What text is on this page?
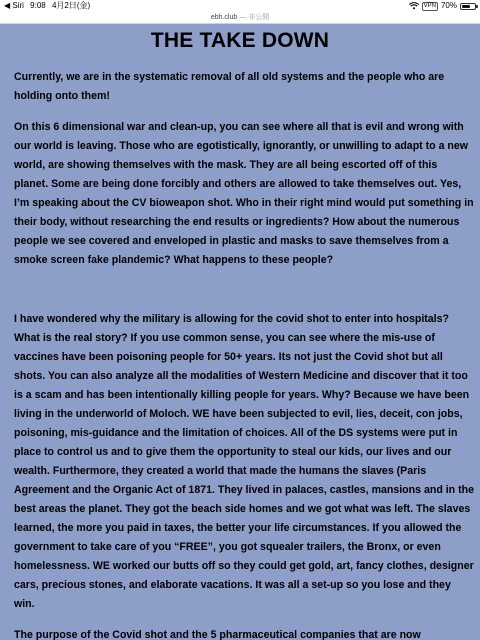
◀ Siri 9:08 4月2日(金)	VPN 70%
ebh.club — 非公開
THE TAKE DOWN

Currently, we are in the systematic removal of all old systems and the people who are holding onto them!

On this 6 dimensional war and clean-up, you can see where all that is evil and wrong with our world is leaving. Those who are egotistically, ignorantly, or unwilling to adapt to a new world, are showing themselves with the mask. They are all being escorted off of this planet. Some are being done forcibly and others are allowed to take themselves out. Yes, I’m speaking about the CV bioweapon shot. Who in their right mind would put something in their body, without researching the end results or ingredients? How about the numerous people we see covered and enveloped in plastic and masks to save themselves from a smoke screen fake plandemic? What happens to these people?

I have wondered why the military is allowing for the covid shot to enter into hospitals? What is the real story? If you use common sense, you can see where the mis-use of vaccines have been poisoning people for 50+ years. Its not just the Covid shot but all shots. You can also analyze all the modalities of Western Medicine and discover that it too is a scam and has been intentionally killing people for years. Why? Because we have been living in the underworld of Moloch. WE have been subjected to evil, lies, deceit, con jobs, poisoning, mis-guidance and the limitation of choices. All of the DS systems were put in place to control us and to give them the opportunity to steal our kids, our lives and our wealth. Furthermore, they created a world that made the humans the slaves (Paris Agreement and the Organic Act of 1871. They lived in palaces, castles, mansions and in the best areas the planet. They got the beach side homes and we got what was left. The slaves learned, the more you paid in taxes, the better your life circumstances. If you allowed the government to take care of you “FREE”, you got squealer trailers, the Bronx, or even homelessness. WE worked our butts off so they could get gold, art, fancy clothes, designer cars, precious stones, and elaborate vacations. It was all a set-up so you lose and they win.

The purpose of the Covid shot and the 5 pharmaceutical companies that are now
